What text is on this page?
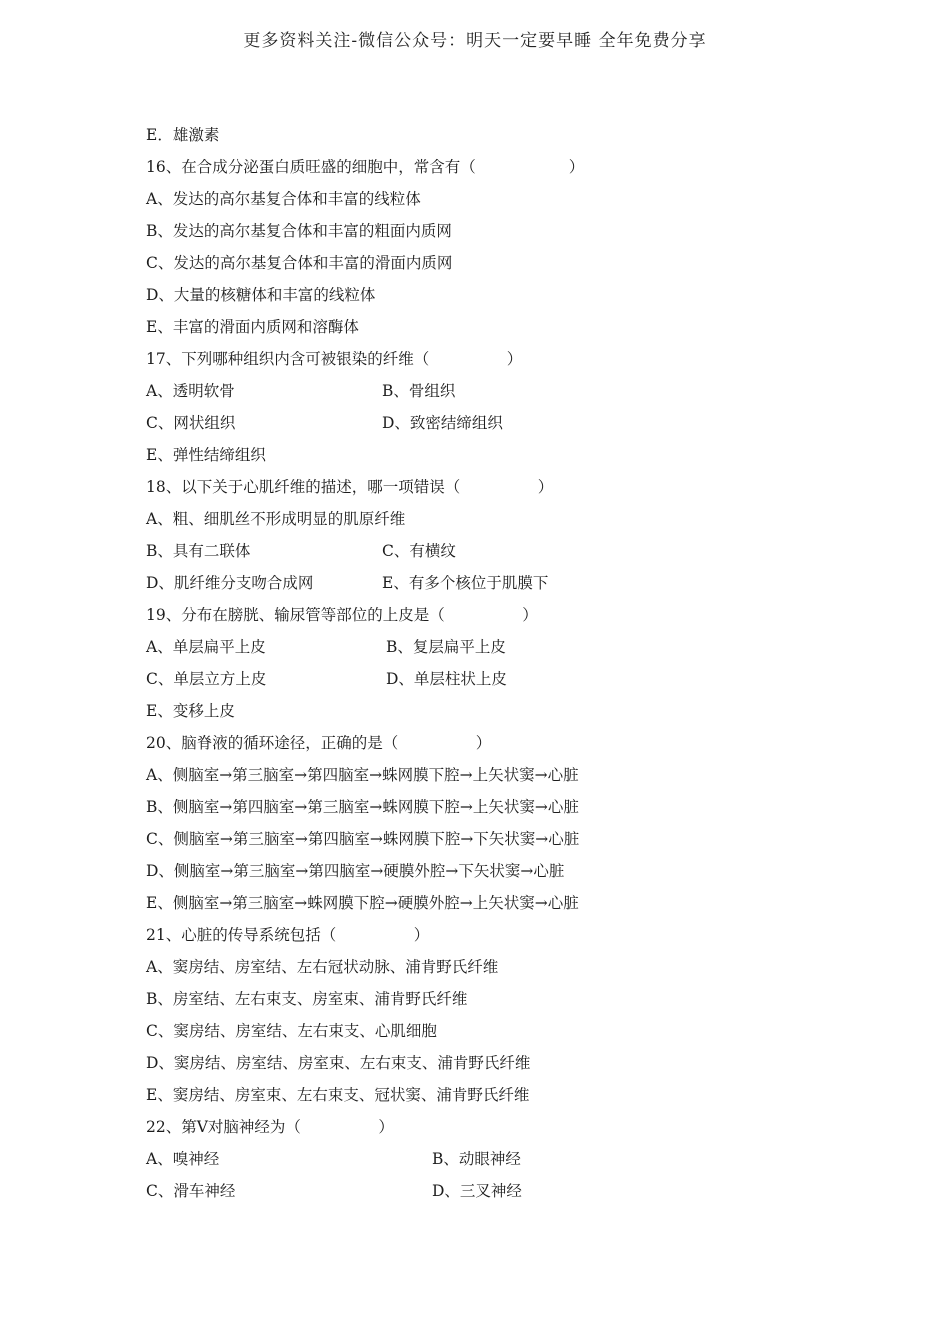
更多资料关注-微信公众号：明天一定要早睡 全年免费分享
E．雄激素
16、在合成分泌蛋白质旺盛的细胞中，常含有（　　　　　　）
A、发达的高尔基复合体和丰富的线粒体
B、发达的高尔基复合体和丰富的粗面内质网
C、发达的高尔基复合体和丰富的滑面内质网
D、大量的核糖体和丰富的线粒体
E、丰富的滑面内质网和溶酶体
17、下列哪种组织内含可被银染的纤维（　　　　　）
A、透明软骨	B、骨组织
C、网状组织	D、致密结缔组织
E、弹性结缔组织
18、以下关于心肌纤维的描述，哪一项错误（　　　　　）
A、粗、细肌丝不形成明显的肌原纤维
B、具有二联体	C、有横纹
D、肌纤维分支吻合成网	E、有多个核位于肌膜下
19、分布在膀胱、输尿管等部位的上皮是（　　　　　）
A、单层扁平上皮	B、复层扁平上皮
C、单层立方上皮	D、单层柱状上皮
E、变移上皮
20、脑脊液的循环途径，正确的是（　　　　　）
A、侧脑室→第三脑室→第四脑室→蛛网膜下腔→上矢状窦→心脏
B、侧脑室→第四脑室→第三脑室→蛛网膜下腔→上矢状窦→心脏
C、侧脑室→第三脑室→第四脑室→蛛网膜下腔→下矢状窦→心脏
D、侧脑室→第三脑室→第四脑室→硬膜外腔→下矢状窦→心脏
E、侧脑室→第三脑室→蛛网膜下腔→硬膜外腔→上矢状窦→心脏
21、心脏的传导系统包括（　　　　　）
A、窦房结、房室结、左右冠状动脉、浦肯野氏纤维
B、房室结、左右束支、房室束、浦肯野氏纤维
C、窦房结、房室结、左右束支、心肌细胞
D、窦房结、房室结、房室束、左右束支、浦肯野氏纤维
E、窦房结、房室束、左右束支、冠状窦、浦肯野氏纤维
22、第Ⅴ对脑神经为（　　　　　）
A、嗅神经	B、动眼神经
C、滑车神经	D、三叉神经
